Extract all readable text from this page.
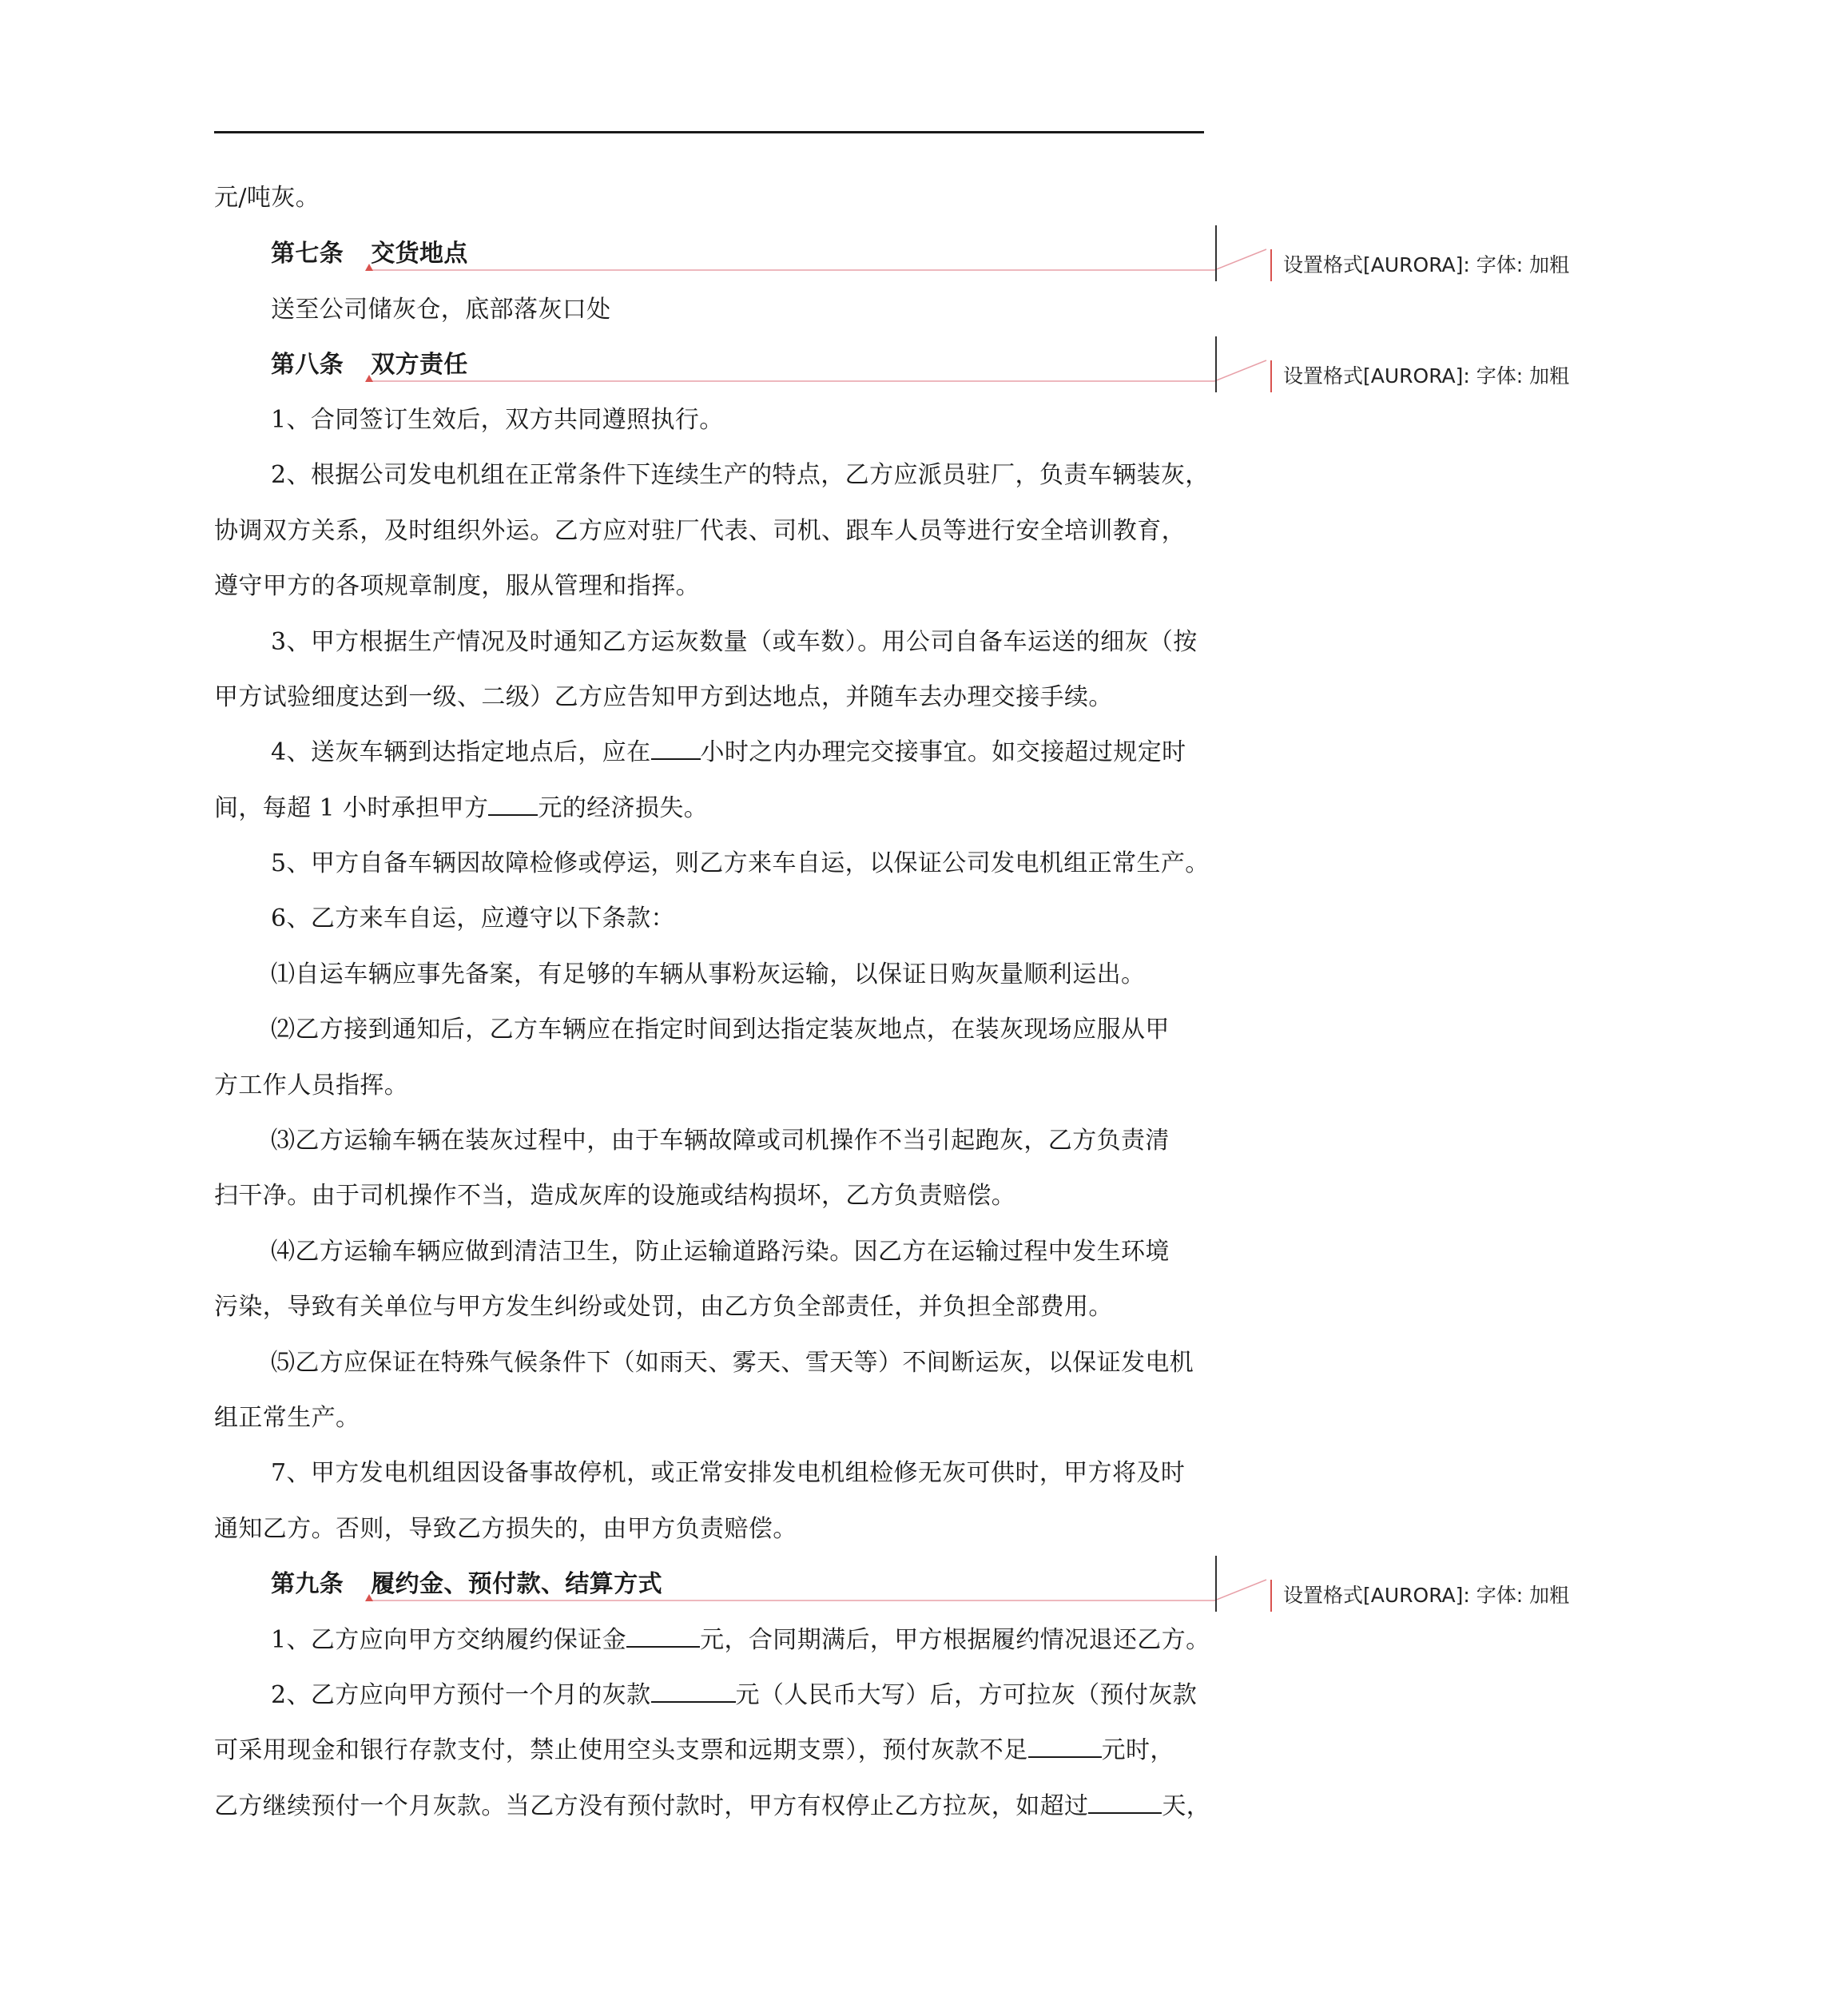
元/吨灰。
第七条 交货地点
送至公司储灰仓，底部落灰口处
第八条 双方责任
1、合同签订生效后，双方共同遵照执行。
2、根据公司发电机组在正常条件下连续生产的特点，乙方应派员驻厂，负责车辆装灰，
协调双方关系，及时组织外运。乙方应对驻厂代表、司机、跟车人员等进行安全培训教育，
遵守甲方的各项规章制度，服从管理和指挥。
3、甲方根据生产情况及时通知乙方运灰数量（或车数）。用公司自备车运送的细灰（按
甲方试验细度达到一级、二级）乙方应告知甲方到达地点，并随车去办理交接手续。
4、送灰车辆到达指定地点后，应在 小时之内办理完交接事宜。如交接超过规定时
间，每超 1 小时承担甲方 元的经济损失。
5、甲方自备车辆因故障检修或停运，则乙方来车自运，以保证公司发电机组正常生产。
6、乙方来车自运，应遵守以下条款：
⑴自运车辆应事先备案，有足够的车辆从事粉灰运输，以保证日购灰量顺利运出。
⑵乙方接到通知后，乙方车辆应在指定时间到达指定装灰地点，在装灰现场应服从甲
方工作人员指挥。
⑶乙方运输车辆在装灰过程中，由于车辆故障或司机操作不当引起跑灰，乙方负责清
扫干净。由于司机操作不当，造成灰库的设施或结构损坏，乙方负责赔偿。
⑷乙方运输车辆应做到清洁卫生，防止运输道路污染。因乙方在运输过程中发生环境
污染，导致有关单位与甲方发生纠纷或处罚，由乙方负全部责任，并负担全部费用。
⑸乙方应保证在特殊气候条件下（如雨天、雾天、雪天等）不间断运灰，以保证发电机
组正常生产。
7、甲方发电机组因设备事故停机，或正常安排发电机组检修无灰可供时，甲方将及时
通知乙方。否则，导致乙方损失的，由甲方负责赔偿。
第九条 履约金、预付款、结算方式
1、乙方应向甲方交纳履约保证金	元，合同期满后，甲方根据履约情况退还乙方。
2、乙方应向甲方预付一个月的灰款	元（人民币大写）后，方可拉灰（预付灰款
可采用现金和银行存款支付，禁止使用空头支票和远期支票），预付灰款不足	元时，
乙方继续预付一个月灰款。当乙方没有预付款时，甲方有权停止乙方拉灰，如超过	天，
设置格式[AURORA]: 字体: 加粗
设置格式[AURORA]: 字体: 加粗
设置格式[AURORA]: 字体: 加粗
